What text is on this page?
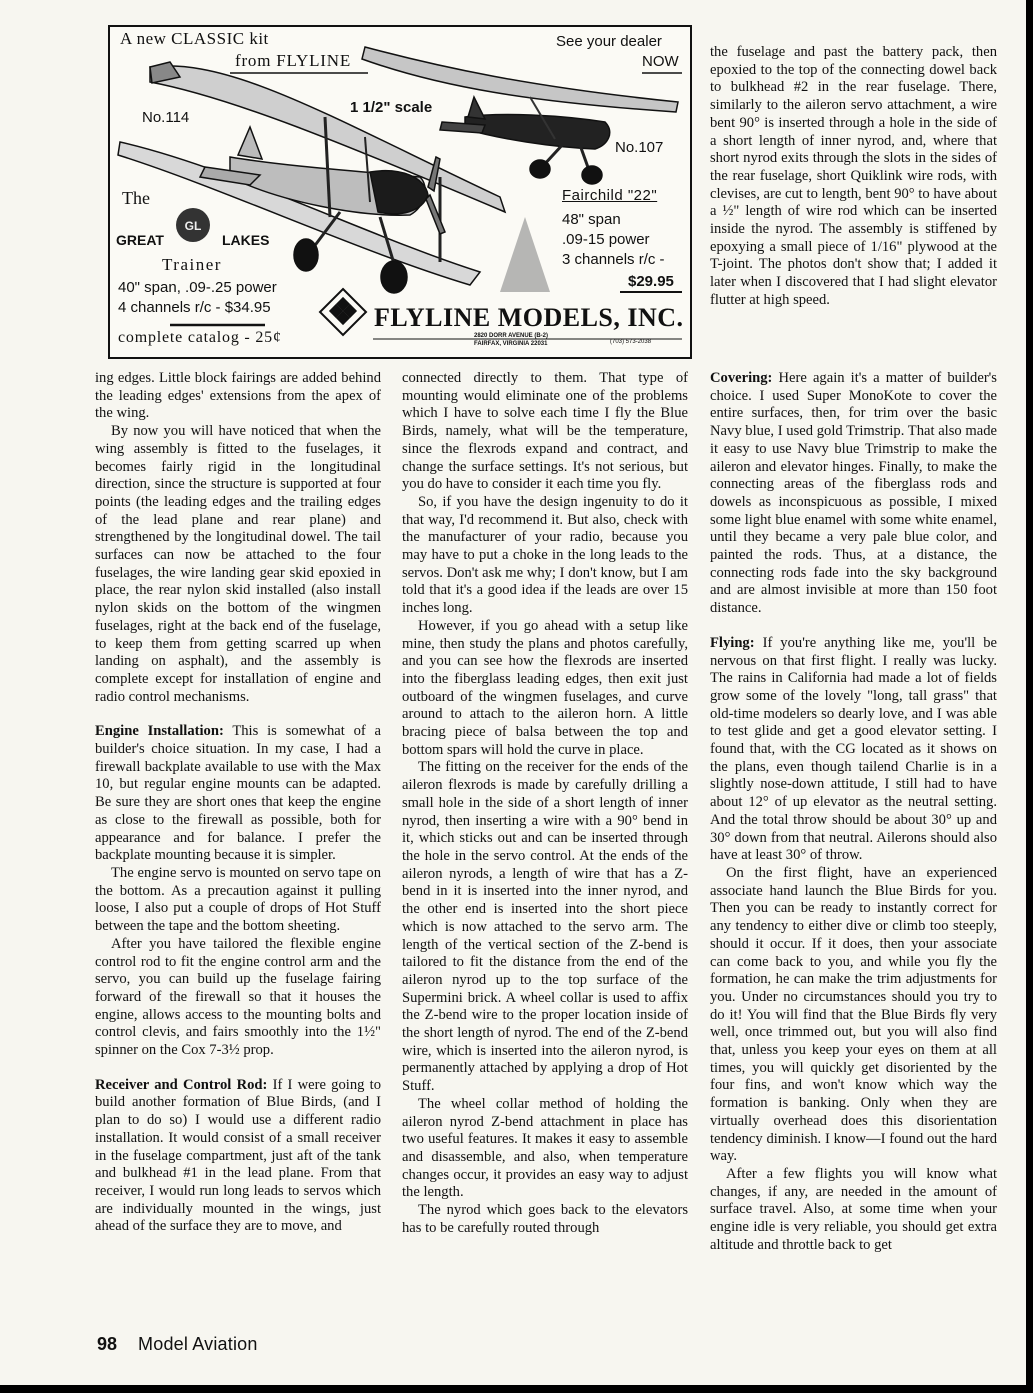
GL
A new CLASSIC kit
from FLYLINE
See your dealer
NOW
1 1/2" scale
No.114
No.107
The
GREAT	LAKES
Trainer
40" span, .09-.25 power
4 channels r/c - $34.95
Fairchild "22"
48" span
.09-15 power
3 channels r/c -
$29.95
FLYLINE MODELS, INC.
2820 DORR AVENUE (B-2)
FAIRFAX, VIRGINIA 22031	(703) 573-2038
complete catalog - 25¢

ing edges. Little block fairings are added behind the leading edges' extensions from the apex of the wing.

By now you will have noticed that when the wing assembly is fitted to the fuselages, it becomes fairly rigid in the longitudinal direction, since the structure is supported at four points (the leading edges and the trailing edges of the lead plane and rear plane) and strengthened by the longitudinal dowel. The tail surfaces can now be attached to the four fuselages, the wire landing gear skid epoxied in place, the rear nylon skid installed (also install nylon skids on the bottom of the wingmen fuselages, right at the back end of the fuselage, to keep them from getting scarred up when landing on asphalt), and the assembly is complete except for installation of engine and radio control mechanisms.

Engine Installation: This is somewhat of a builder's choice situation. In my case, I had a firewall backplate available to use with the Max 10, but regular engine mounts can be adapted. Be sure they are short ones that keep the engine as close to the firewall as possible, both for appearance and for balance. I prefer the backplate mounting because it is simpler.

The engine servo is mounted on servo tape on the bottom. As a precaution against it pulling loose, I also put a couple of drops of Hot Stuff between the tape and the bottom sheeting.

After you have tailored the flexible engine control rod to fit the engine control arm and the servo, you can build up the fuselage fairing forward of the firewall so that it houses the engine, allows access to the mounting bolts and control clevis, and fairs smoothly into the 1½" spinner on the Cox 7-3½ prop.

Receiver and Control Rod: If I were going to build another formation of Blue Birds, (and I plan to do so) I would use a different radio installation. It would consist of a small receiver in the fuselage compartment, just aft of the tank and bulkhead #1 in the lead plane. From that receiver, I would run long leads to servos which are individually mounted in the wings, just ahead of the surface they are to move, and

connected directly to them. That type of mounting would eliminate one of the problems which I have to solve each time I fly the Blue Birds, namely, what will be the temperature, since the flexrods expand and contract, and change the surface settings. It's not serious, but you do have to consider it each time you fly.

So, if you have the design ingenuity to do it that way, I'd recommend it. But also, check with the manufacturer of your radio, because you may have to put a choke in the long leads to the servos. Don't ask me why; I don't know, but I am told that it's a good idea if the leads are over 15 inches long.

However, if you go ahead with a setup like mine, then study the plans and photos carefully, and you can see how the flexrods are inserted into the fiberglass leading edges, then exit just outboard of the wingmen fuselages, and curve around to attach to the aileron horn. A little bracing piece of balsa between the top and bottom spars will hold the curve in place.

The fitting on the receiver for the ends of the aileron flexrods is made by carefully drilling a small hole in the side of a short length of inner nyrod, then inserting a wire with a 90° bend in it, which sticks out and can be inserted through the hole in the servo control. At the ends of the aileron nyrods, a length of wire that has a Z-bend in it is inserted into the inner nyrod, and the other end is inserted into the short piece which is now attached to the servo arm. The length of the vertical section of the Z-bend is tailored to fit the distance from the end of the aileron nyrod up to the top surface of the Supermini brick. A wheel collar is used to affix the Z-bend wire to the proper location inside of the short length of nyrod. The end of the Z-bend wire, which is inserted into the aileron nyrod, is permanently attached by applying a drop of Hot Stuff.

The wheel collar method of holding the aileron nyrod Z-bend attachment in place has two useful features. It makes it easy to assemble and disassemble, and also, when temperature changes occur, it provides an easy way to adjust the length.

The nyrod which goes back to the elevators has to be carefully routed through

the fuselage and past the battery pack, then epoxied to the top of the connecting dowel back to bulkhead #2 in the rear fuselage. There, similarly to the aileron servo attachment, a wire bent 90° is inserted through a hole in the side of a short length of inner nyrod, and, where that short nyrod exits through the slots in the sides of the rear fuselage, short Quiklink wire rods, with clevises, are cut to length, bent 90° to have about a ½" length of wire rod which can be inserted inside the nyrod. The assembly is stiffened by epoxying a small piece of 1/16" plywood at the T-joint. The photos don't show that; I added it later when I discovered that I had slight elevator flutter at high speed.

Covering: Here again it's a matter of builder's choice. I used Super MonoKote to cover the entire surfaces, then, for trim over the basic Navy blue, I used gold Trimstrip. That also made it easy to use Navy blue Trimstrip to make the aileron and elevator hinges. Finally, to make the connecting areas of the fiberglass rods and dowels as inconspicuous as possible, I mixed some light blue enamel with some white enamel, until they became a very pale blue color, and painted the rods. Thus, at a distance, the connecting rods fade into the sky background and are almost invisible at more than 150 foot distance.

Flying: If you're anything like me, you'll be nervous on that first flight. I really was lucky. The rains in California had made a lot of fields grow some of the lovely "long, tall grass" that old-time modelers so dearly love, and I was able to test glide and get a good elevator setting. I found that, with the CG located as it shows on the plans, even though tailend Charlie is in a slightly nose-down attitude, I still had to have about 12° of up elevator as the neutral setting. And the total throw should be about 30° up and 30° down from that neutral. Ailerons should also have at least 30° of throw.

On the first flight, have an experienced associate hand launch the Blue Birds for you. Then you can be ready to instantly correct for any tendency to either dive or climb too steeply, should it occur. If it does, then your associate can come back to you, and while you fly the formation, he can make the trim adjustments for you. Under no circumstances should you try to do it! You will find that the Blue Birds fly very well, once trimmed out, but you will also find that, unless you keep your eyes on them at all times, you will quickly get disoriented by the four fins, and won't know which way the formation is banking. Only when they are virtually overhead does this disorientation tendency diminish. I know—I found out the hard way.

After a few flights you will know what changes, if any, are needed in the amount of surface travel. Also, at some time when your engine idle is very reliable, you should get extra altitude and throttle back to get

98 Model Aviation
